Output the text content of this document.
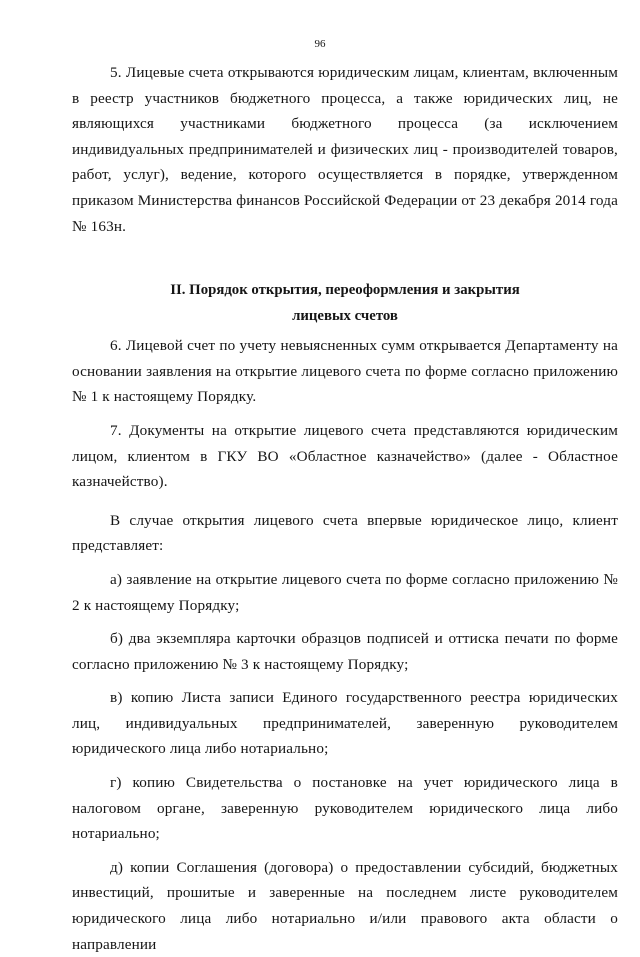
96

5. Лицевые счета открываются юридическим лицам, клиентам, включенным в реестр участников бюджетного процесса, а также юридических лиц, не являющихся участниками бюджетного процесса (за исключением индивидуальных предпринимателей и физических лиц - производителей товаров, работ, услуг), ведение, которого осуществляется в порядке, утвержденном приказом Министерства финансов Российской Федерации от 23 декабря 2014 года № 163н.

II. Порядок открытия, переоформления и закрытия
лицевых счетов

6. Лицевой счет по учету невыясненных сумм открывается Департаменту на основании заявления на открытие лицевого счета по форме согласно приложению № 1 к настоящему Порядку.

7. Документы на открытие лицевого счета представляются юридическим лицом, клиентом в ГКУ ВО «Областное казначейство» (далее - Областное казначейство).

В случае открытия лицевого счета впервые юридическое лицо, клиент представляет:

а) заявление на открытие лицевого счета по форме согласно приложению № 2 к настоящему Порядку;

б) два экземпляра карточки образцов подписей и оттиска печати по форме согласно приложению № 3 к настоящему Порядку;

в) копию Листа записи Единого государственного реестра юридических лиц, индивидуальных предпринимателей, заверенную руководителем юридического лица либо нотариально;

г) копию Свидетельства о постановке на учет юридического лица в налоговом органе, заверенную руководителем юридического лица либо нотариально;

д) копии Соглашения (договора) о предоставлении субсидий, бюджетных инвестиций, прошитые и заверенные на последнем листе руководителем юридического лица либо нотариально и/или правового акта области о направлении
